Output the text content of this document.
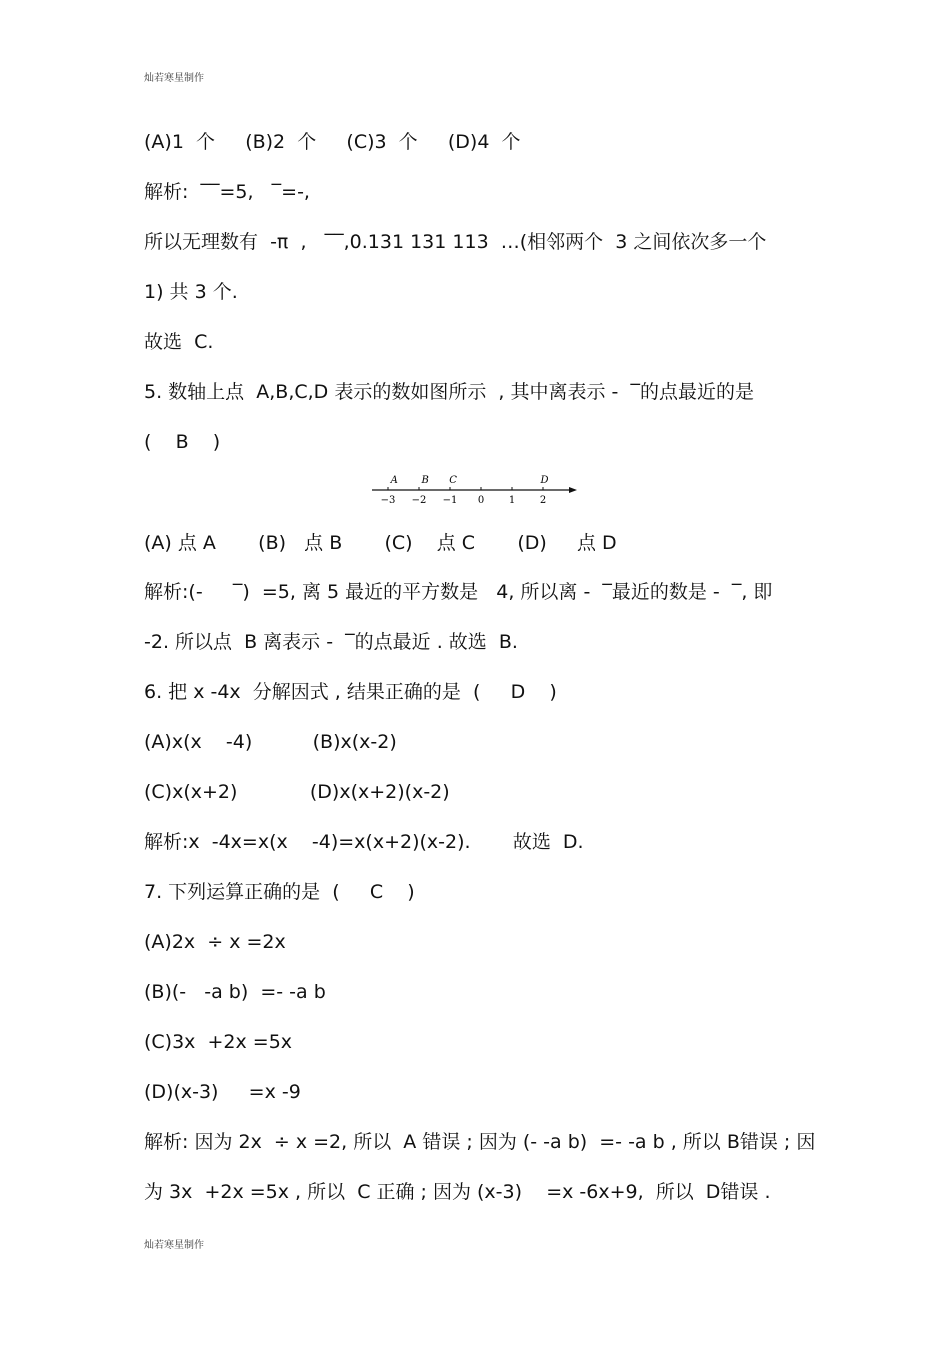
灿若寒星制作
(A)1  个     (B)2  个     (C)3  个     (D)4  个
解析:  ‾‾=5,   ‾=-,
所以无理数有  -π  ,   ‾‾,0.131 131 113  …(相邻两个  3 之间依次多一个
1) 共 3 个.
故选  C.
5. 数轴上点  A,B,C,D 表示的数如图所示  , 其中离表示 -  ‾的点最近的是
(    B    )
−3 −2 −1 0 1 2
A B C	D
(A) 点 A       (B)   点 B       (C)    点 C       (D)     点 D
解析:(-     ‾)  =5, 离 5 最近的平方数是   4, 所以离 -  ‾最近的数是 -  ‾, 即
-2. 所以点  B 离表示 -  ‾的点最近 . 故选  B.
6. 把 x -4x  分解因式 , 结果正确的是  (     D    )
(A)x(x    -4)          (B)x(x-2)
(C)x(x+2)            (D)x(x+2)(x-2)
解析:x  -4x=x(x    -4)=x(x+2)(x-2).       故选  D.
7. 下列运算正确的是  (     C    )
(A)2x  ÷ x =2x
(B)(-   -a b)  =- -a b
(C)3x  +2x =5x
(D)(x-3)     =x -9
解析: 因为 2x  ÷ x =2, 所以  A 错误 ; 因为 (- -a b)  =- -a b , 所以 B错误 ; 因
为 3x  +2x =5x , 所以  C 正确 ; 因为 (x-3)    =x -6x+9,  所以  D错误 .
灿若寒星制作
